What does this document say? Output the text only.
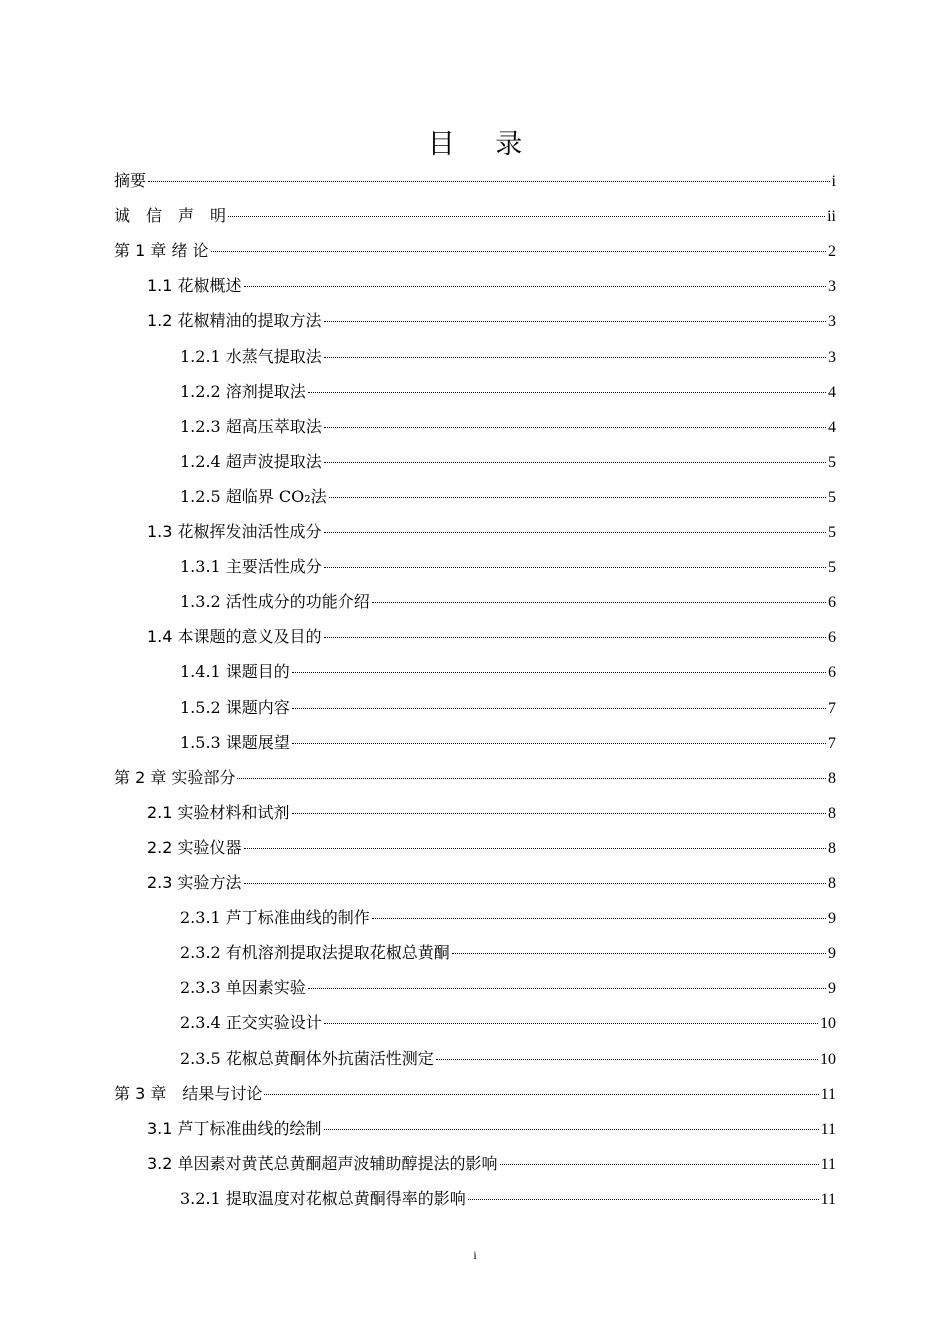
目 录
摘要	i
诚　信　声　明	ii
第 1 章 绪 论	2
1.1 花椒概述	3
1.2 花椒精油的提取方法	3
1.2.1 水蒸气提取法	3
1.2.2 溶剂提取法	4
1.2.3 超高压萃取法	4
1.2.4 超声波提取法	5
1.2.5 超临界 CO₂法	5
1.3 花椒挥发油活性成分	5
1.3.1 主要活性成分	5
1.3.2 活性成分的功能介绍	6
1.4 本课题的意义及目的	6
1.4.1 课题目的	6
1.5.2 课题内容	7
1.5.3 课题展望	7
第 2 章 实验部分	8
2.1 实验材料和试剂	8
2.2 实验仪器	8
2.3 实验方法	8
2.3.1 芦丁标准曲线的制作	9
2.3.2 有机溶剂提取法提取花椒总黄酮	9
2.3.3 单因素实验	9
2.3.4 正交实验设计	10
2.3.5 花椒总黄酮体外抗菌活性测定	10
第 3 章　结果与讨论	11
3.1 芦丁标准曲线的绘制	11
3.2 单因素对黄芪总黄酮超声波辅助醇提法的影响	11
3.2.1 提取温度对花椒总黄酮得率的影响	11
i
